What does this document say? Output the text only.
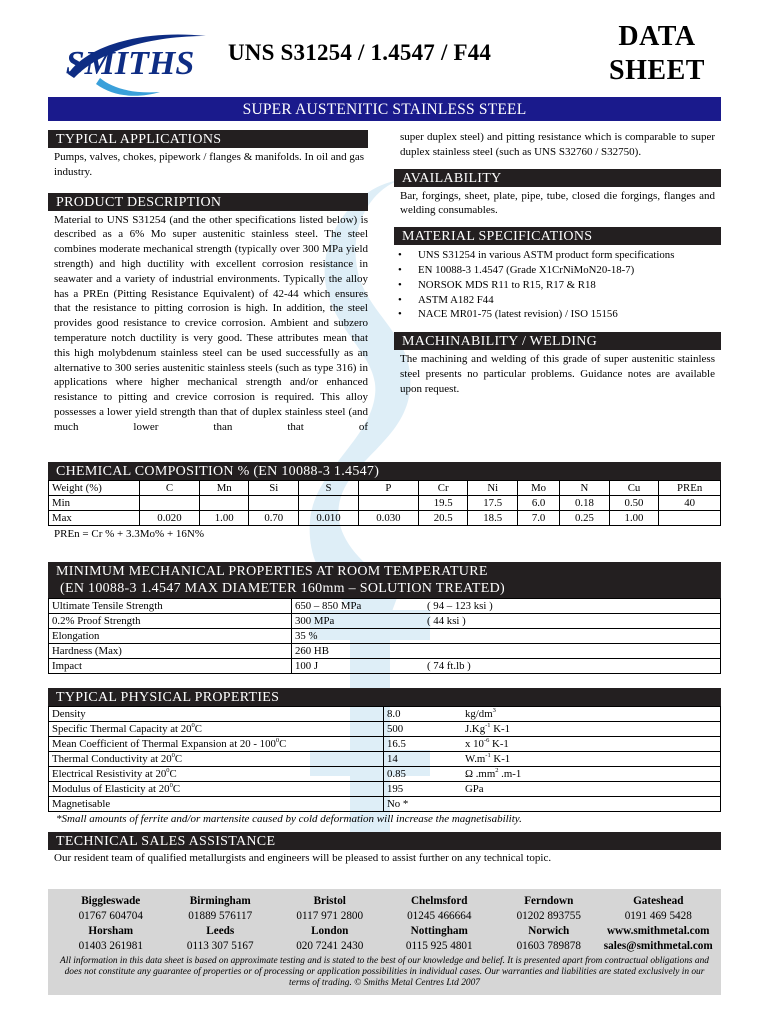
SMITHS UNS S31254 / 1.4547 / F44
DATA
SHEET
SUPER AUSTENITIC STAINLESS STEEL
TYPICAL APPLICATIONS
Pumps, valves, chokes, pipework / flanges & manifolds. In oil and gas industry.
PRODUCT DESCRIPTION
Material to UNS S31254 (and the other specifications listed below) is described as a 6% Mo super austenitic stainless steel. The steel combines moderate mechanical strength (typically over 300 MPa yield strength) and high ductility with excellent corrosion resistance in seawater and a variety of industrial environments. Typically the alloy has a PREn (Pitting Resistance Equivalent) of 42-44 which ensures that the resistance to pitting corrosion is high. In addition, the steel provides good resistance to crevice corrosion. Ambient and subzero temperature notch ductility is very good. These attributes mean that this high molybdenum stainless steel can be used successfully as an alternative to 300 series austenitic stainless steels (such as type 316) in applications where higher mechanical strength and/or enhanced resistance to pitting and crevice corrosion is required. This alloy possesses a lower yield strength than that of duplex stainless steel (and much lower than that of
super duplex steel) and pitting resistance which is comparable to super duplex stainless steel (such as UNS S32760 / S32750).
AVAILABILITY
Bar, forgings, sheet, plate, pipe, tube, closed die forgings, flanges and welding consumables.
MATERIAL SPECIFICATIONS
• UNS S31254 in various ASTM product form specifications
• EN 10088-3 1.4547 (Grade X1CrNiMoN20-18-7)
• NORSOK MDS R11 to R15, R17 & R18
• ASTM A182 F44
• NACE MR01-75 (latest revision) / ISO 15156
MACHINABILITY / WELDING
The machining and welding of this grade of super austenitic stainless steel presents no particular problems. Guidance notes are available upon request.
CHEMICAL COMPOSITION % (EN 10088-3 1.4547)
Weight (%)	C	Mn	Si	S	P	Cr	Ni	Mo	N	Cu	PREn
Min						19.5	17.5	6.0	0.18	0.50	40
Max	0.020	1.00	0.70	0.010	0.030	20.5	18.5	7.0	0.25	1.00	
PREn = Cr % + 3.3Mo% + 16N%
MINIMUM MECHANICAL PROPERTIES AT ROOM TEMPERATURE
(EN 10088-3 1.4547 MAX DIAMETER 160mm – SOLUTION TREATED)
Ultimate Tensile Strength	650 – 850 MPa	( 94 – 123 ksi )
0.2% Proof Strength	300 MPa	( 44 ksi )
Elongation	35 %	
Hardness (Max)	260 HB	
Impact	100 J	( 74 ft.lb )
TYPICAL PHYSICAL PROPERTIES
Density	8.0	$kg/dm^3$
Specific Thermal Capacity at $20^0C$	500	$J.Kg^{-1}$ K-1
Mean Coefficient of Thermal Expansion at $20 - 100^0C$	16.5	x $10^{-6}$ K-1
Thermal Conductivity at $20^0C$	14	$W.m^{-1}$ K-1
Electrical Resistivity at $20^0C$	0.85	Ω $.mm^2$ .m-1
Modulus of Elasticity at $20^0C$	195	GPa
Magnetisable	No *	
*Small amounts of ferrite and/or martensite caused by cold deformation will increase the magnetisability.
TECHNICAL SALES ASSISTANCE
Our resident team of qualified metallurgists and engineers will be pleased to assist further on any technical topic.
Biggleswade	Birmingham	Bristol	Chelmsford	Ferndown	Gateshead
01767 604704	01889 576117	0117 971 2800	01245 466664	01202 893755	0191 469 5428
Horsham	Leeds	London	Nottingham	Norwich	www.smithmetal.com
01403 261981	0113 307 5167	020 7241 2430	0115 925 4801	01603 789878	sales@smithmetal.com
All information in this data sheet is based on approximate testing and is stated to the best of our knowledge and belief. It is presented apart from contractual obligations and does not constitute any guarantee of properties or of processing or application possibilities in individual cases. Our warranties and liabilities are stated exclusively in our terms of trading. © Smiths Metal Centres Ltd 2007
